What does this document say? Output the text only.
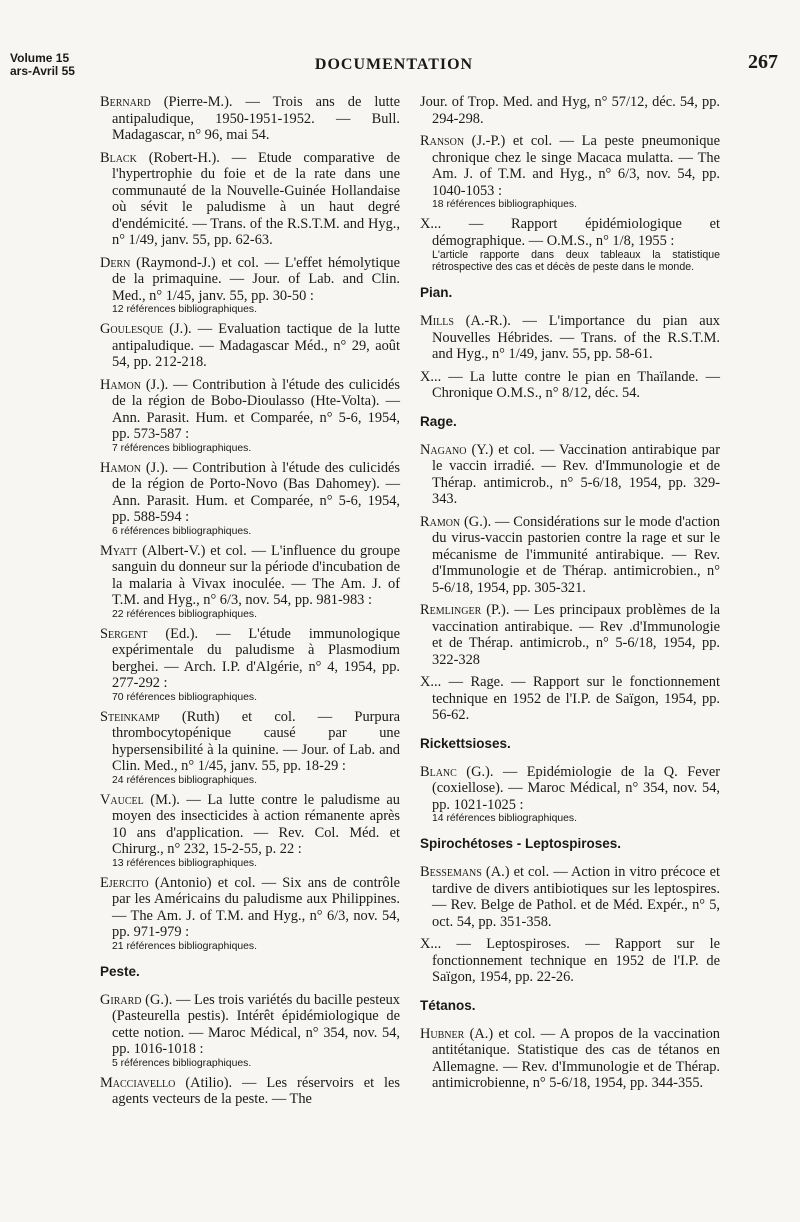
Volume 15
ars-Avril 55	DOCUMENTATION	267
Bernard (Pierre-M.). — Trois ans de lutte antipaludique, 1950-1951-1952. — Bull. Madagascar, n° 96, mai 54.
Black (Robert-H.). — Etude comparative de l'hypertrophie du foie et de la rate dans une communauté de la Nouvelle-Guinée Hollandaise où sévit le paludisme à un haut degré d'endémicité. — Trans. of the R.S.T.M. and Hyg., n° 1/49, janv. 55, pp. 62-63.
Dern (Raymond-J.) et col. — L'effet hémolytique de la primaquine. — Jour. of Lab. and Clin. Med., n° 1/45, janv. 55, pp. 30-50 :
12 références bibliographiques.
Goulesque (J.). — Evaluation tactique de la lutte antipaludique. — Madagascar Méd., n° 29, août 54, pp. 212-218.
Hamon (J.). — Contribution à l'étude des culicidés de la région de Bobo-Dioulasso (Hte-Volta). — Ann. Parasit. Hum. et Comparée, n° 5-6, 1954, pp. 573-587 :
7 références bibliographiques.
Hamon (J.). — Contribution à l'étude des culicidés de la région de Porto-Novo (Bas Dahomey). — Ann. Parasit. Hum. et Comparée, n° 5-6, 1954, pp. 588-594 :
6 références bibliographiques.
Myatt (Albert-V.) et col. — L'influence du groupe sanguin du donneur sur la période d'incubation de la malaria à Vivax inoculée. — The Am. J. of T.M. and Hyg., n° 6/3, nov. 54, pp. 981-983 :
22 références bibliographiques.
Sergent (Ed.). — L'étude immunologique expérimentale du paludisme à Plasmodium berghei. — Arch. I.P. d'Algérie, n° 4, 1954, pp. 277-292 :
70 références bibliographiques.
Steinkamp (Ruth) et col. — Purpura thrombocytopénique causé par une hypersensibilité à la quinine. — Jour. of Lab. and Clin. Med., n° 1/45, janv. 55, pp. 18-29 :
24 références bibliographiques.
Vaucel (M.). — La lutte contre le paludisme au moyen des insecticides à action rémanente après 10 ans d'application. — Rev. Col. Méd. et Chirurg., n° 232, 15-2-55, p. 22 :
13 références bibliographiques.
Ejercito (Antonio) et col. — Six ans de contrôle par les Américains du paludisme aux Philippines. — The Am. J. of T.M. and Hyg., n° 6/3, nov. 54, pp. 971-979 :
21 références bibliographiques.
Peste.
Girard (G.). — Les trois variétés du bacille pesteux (Pasteurella pestis). Intérêt épidémiologique de cette notion. — Maroc Médical, n° 354, nov. 54, pp. 1016-1018 :
5 références bibliographiques.
Macciavello (Atilio). — Les réservoirs et les agents vecteurs de la peste. — The
Jour. of Trop. Med. and Hyg, n° 57/12, déc. 54, pp. 294-298.
Ranson (J.-P.) et col. — La peste pneumonique chronique chez le singe Macaca mulatta. — The Am. J. of T.M. and Hyg., n° 6/3, nov. 54, pp. 1040-1053 :
18 références bibliographiques.
X... — Rapport épidémiologique et démographique. — O.M.S., n° 1/8, 1955 :
L'article rapporte dans deux tableaux la statistique rétrospective des cas et décès de peste dans le monde.
Pian.
Mills (A.-R.). — L'importance du pian aux Nouvelles Hébrides. — Trans. of the R.S.T.M. and Hyg., n° 1/49, janv. 55, pp. 58-61.
X... — La lutte contre le pian en Thaïlande. —Chronique O.M.S., n° 8/12, déc. 54.
Rage.
Nagano (Y.) et col. — Vaccination antirabique par le vaccin irradié. — Rev. d'Immunologie et de Thérap. antimicrob., n° 5-6/18, 1954, pp. 329-343.
Ramon (G.). — Considérations sur le mode d'action du virus-vaccin pastorien contre la rage et sur le mécanisme de l'immunité antirabique. — Rev. d'Immunologie et de Thérap. antimicrobien., n° 5-6/18, 1954, pp. 305-321.
Remlinger (P.). — Les principaux problèmes de la vaccination antirabique. — Rev .d'Immunologie et de Thérap. antimicrob., n° 5-6/18, 1954, pp. 322-328
X... — Rage. — Rapport sur le fonctionnement technique en 1952 de l'I.P. de Saïgon, 1954, pp. 56-62.
Rickettsioses.
Blanc (G.). — Epidémiologie de la Q. Fever (coxiellose). — Maroc Médical, n° 354, nov. 54, pp. 1021-1025 :
14 références bibliographiques.
Spirochétoses - Leptospiroses.
Bessemans (A.) et col. — Action in vitro précoce et tardive de divers antibiotiques sur les leptospires. — Rev. Belge de Pathol. et de Méd. Expér., n° 5, oct. 54, pp. 351-358.
X... — Leptospiroses. — Rapport sur le fonctionnement technique en 1952 de l'I.P. de Saïgon, 1954, pp. 22-26.
Tétanos.
Hubner (A.) et col. — A propos de la vaccination antitétanique. Statistique des cas de tétanos en Allemagne. — Rev. d'Immunologie et de Thérap. antimicrobienne, n° 5-6/18, 1954, pp. 344-355.
